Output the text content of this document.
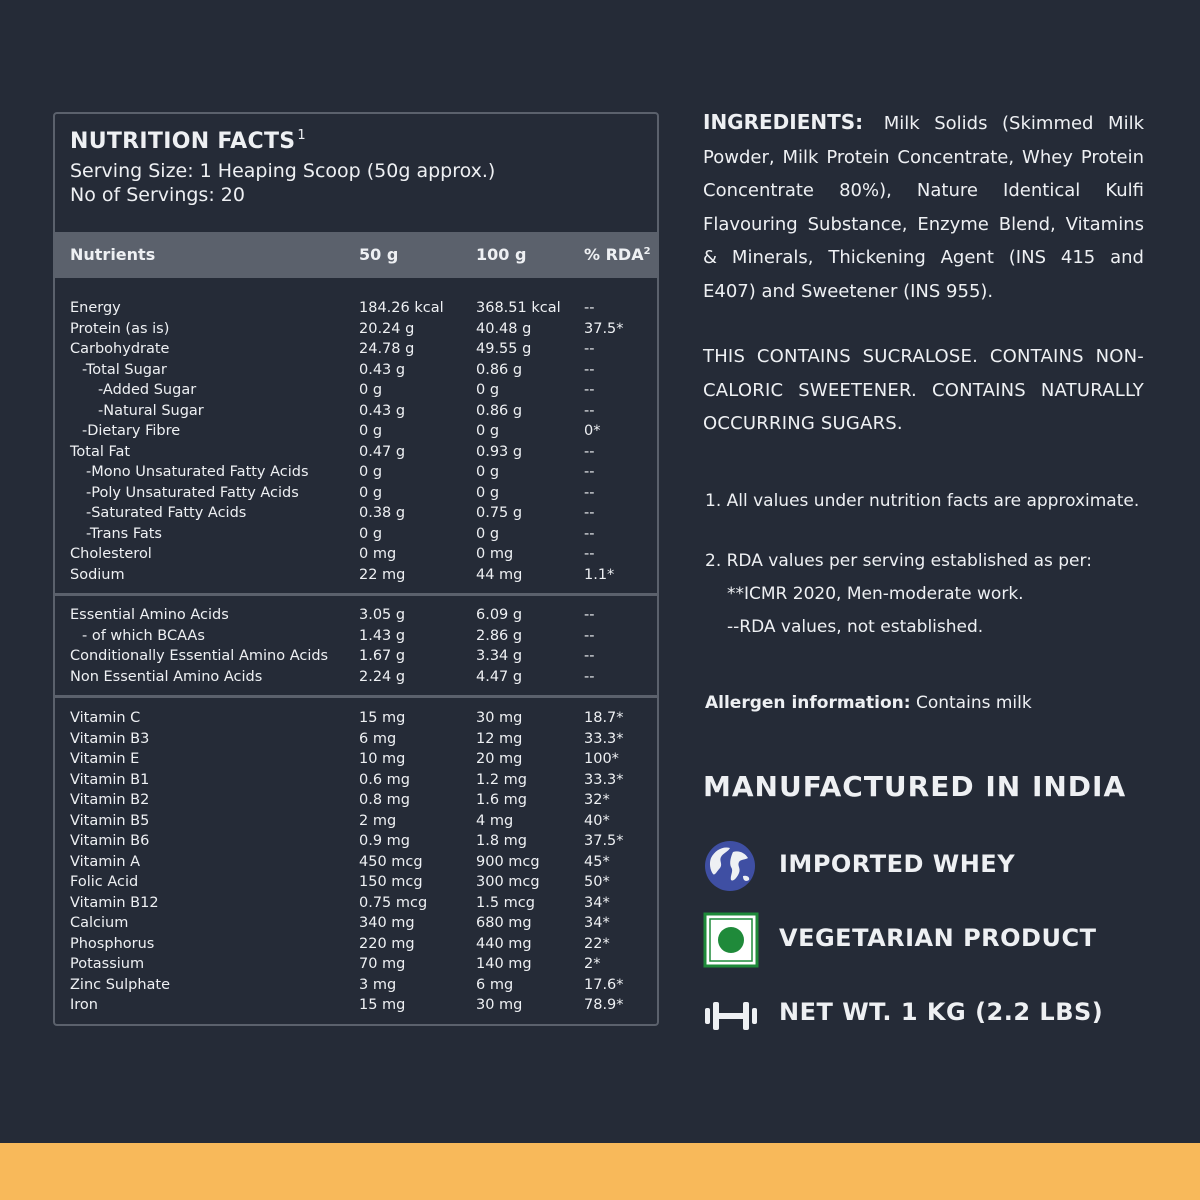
NUTRITION FACTS $^1$
Serving Size: 1 Heaping Scoop (50g approx.)
No of Servings: 20
Nutrients	50 g	100 g	% RDA$^2$
Energy	184.26 kcal 368.51 kcal --
Protein (as is)	20.24 g	40.48 g	37.5*
Carbohydrate	24.78 g	49.55 g	--
-Total Sugar	0.43 g	0.86 g	--
-Added Sugar	0 g	0 g	--
-Natural Sugar	0.43 g	0.86 g	--
-Dietary Fibre	0 g	0 g	0*
Total Fat	0.47 g	0.93 g	--
-Mono Unsaturated Fatty Acids	0 g	0 g	--
-Poly Unsaturated Fatty Acids	0 g	0 g	--
-Saturated Fatty Acids	0.38 g	0.75 g	--
-Trans Fats	0 g	0 g	--
Cholesterol	0 mg	0 mg	--
Sodium	22 mg	44 mg	1.1*
Essential Amino Acids	3.05 g	6.09 g	--
- of which BCAAs	1.43 g	2.86 g	--
Conditionally Essential Amino Acids 1.67 g	3.34 g	--
Non Essential Amino Acids	2.24 g	4.47 g	--
Vitamin C	15 mg	30 mg	18.7*
Vitamin B3	6 mg	12 mg	33.3*
Vitamin E	10 mg	20 mg	100*
Vitamin B1	0.6 mg	1.2 mg	33.3*
Vitamin B2	0.8 mg	1.6 mg	32*
Vitamin B5	2 mg	4 mg	40*
Vitamin B6	0.9 mg	1.8 mg	37.5*
Vitamin A	450 mcg	900 mcg	45*
Folic Acid	150 mcg	300 mcg	50*
Vitamin B12	0.75 mcg	1.5 mcg	34*
Calcium	340 mg	680 mg	34*
Phosphorus	220 mg	440 mg	22*
Potassium	70 mg	140 mg	2*
Zinc Sulphate	3 mg	6 mg	17.6*
Iron	15 mg	30 mg	78.9*
INGREDIENTS: Milk Solids (Skimmed Milk Powder, Milk Protein Concentrate, Whey Protein Concentrate 80%), Nature Identical Kulfi Flavouring Substance, Enzyme Blend, Vitamins & Minerals, Thickening Agent (INS 415 and E407) and Sweetener (INS 955).
THIS CONTAINS SUCRALOSE. CONTAINS NON-CALORIC SWEETENER. CONTAINS NATURALLY OCCURRING SUGARS.
1. All values under nutrition facts are approximate.
2. RDA values per serving established as per:
**ICMR 2020, Men-moderate work.
--RDA values, not established.
Allergen information: Contains milk
MANUFACTURED IN INDIA
IMPORTED WHEY
VEGETARIAN PRODUCT
NET WT. 1 KG (2.2 LBS)
